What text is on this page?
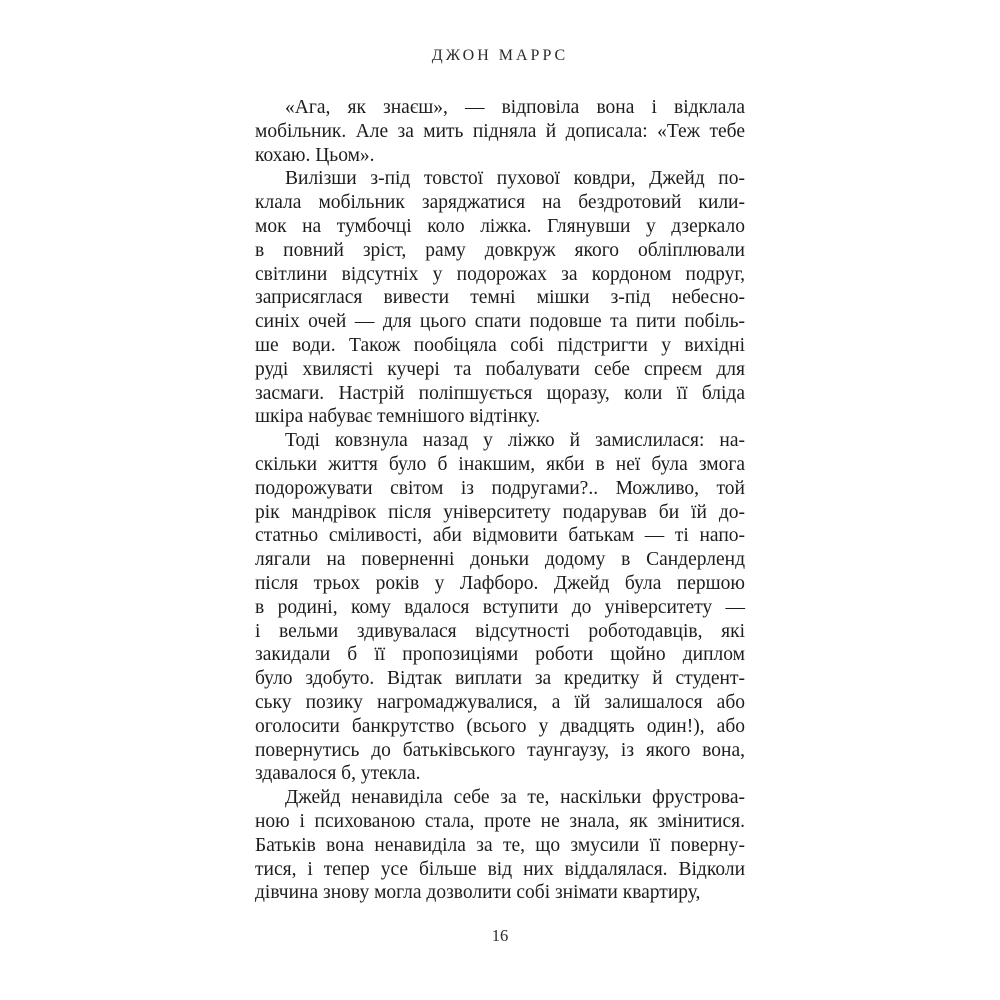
ДЖОН МАРРС
«Ага, як знаєш», — відповіла вона і відклала
мобільник. Але за мить підняла й дописала: «Теж тебе
кохаю. Цьом».
Вилізши з-під товстої пухової ковдри, Джейд по-
клала мобільник заряджатися на бездротовий кили-
мок на тумбочці коло ліжка. Глянувши у дзеркало
в повний зріст, раму довкруж якого обліплювали
світлини відсутніх у подорожах за кордоном подруг,
заприсяглася вивести темні мішки з-під небесно-
синіх очей — для цього спати подовше та пити побіль-
ше води. Також пообіцяла собі підстригти у вихідні
руді хвилясті кучері та побалувати себе спреєм для
засмаги. Настрій поліпшується щоразу, коли її бліда
шкіра набуває темнішого відтінку.
Тоді ковзнула назад у ліжко й замислилася: на-
скільки життя було б інакшим, якби в неї була змога
подорожувати світом із подругами?.. Можливо, той
рік мандрівок після університету подарував би їй до-
статньо сміливості, аби відмовити батькам — ті напо-
лягали на поверненні доньки додому в Сандерленд
після трьох років у Лафборо. Джейд була першою
в родині, кому вдалося вступити до університету —
і вельми здивувалася відсутності роботодавців, які
закидали б її пропозиціями роботи щойно диплом
було здобуто. Відтак виплати за кредитку й студент-
ську позику нагромаджувалися, а їй залишалося або
оголосити банкрутство (всього у двадцять один!), або
повернутись до батьківського таунгаузу, із якого вона,
здавалося б, утекла.
Джейд ненавиділа себе за те, наскільки фрустрова-
ною і психованою стала, проте не знала, як змінитися.
Батьків вона ненавиділа за те, що змусили її поверну-
тися, і тепер усе більше від них віддалялася. Відколи
дівчина знову могла дозволити собі знімати квартиру,
16
